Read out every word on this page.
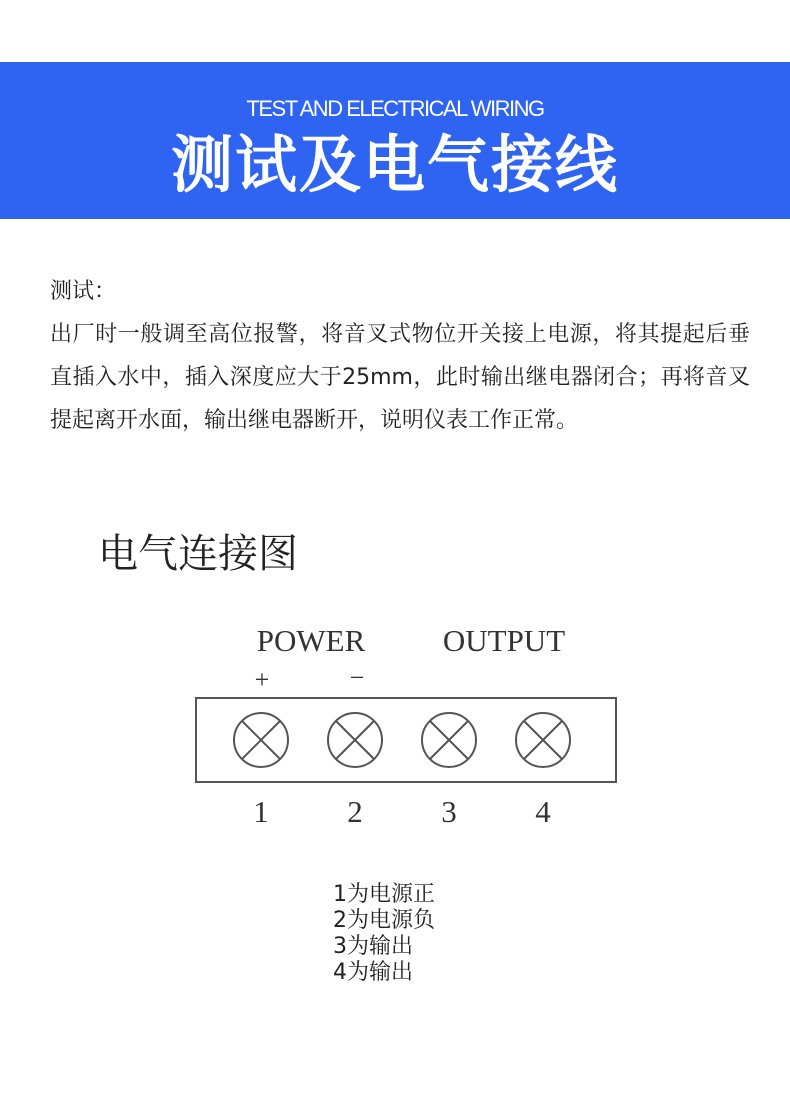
TEST AND ELECTRICAL WIRING
测试及电气接线
测试：
出厂时一般调至高位报警，将音叉式物位开关接上电源，将其提起后垂直插入水中，插入深度应大于25mm，此时输出继电器闭合；再将音叉提起离开水面，输出继电器断开，说明仪表工作正常。
电气连接图
POWER	OUTPUT
+	−
1	2	3	4
1为电源正
2为电源负
3为输出
4为输出
